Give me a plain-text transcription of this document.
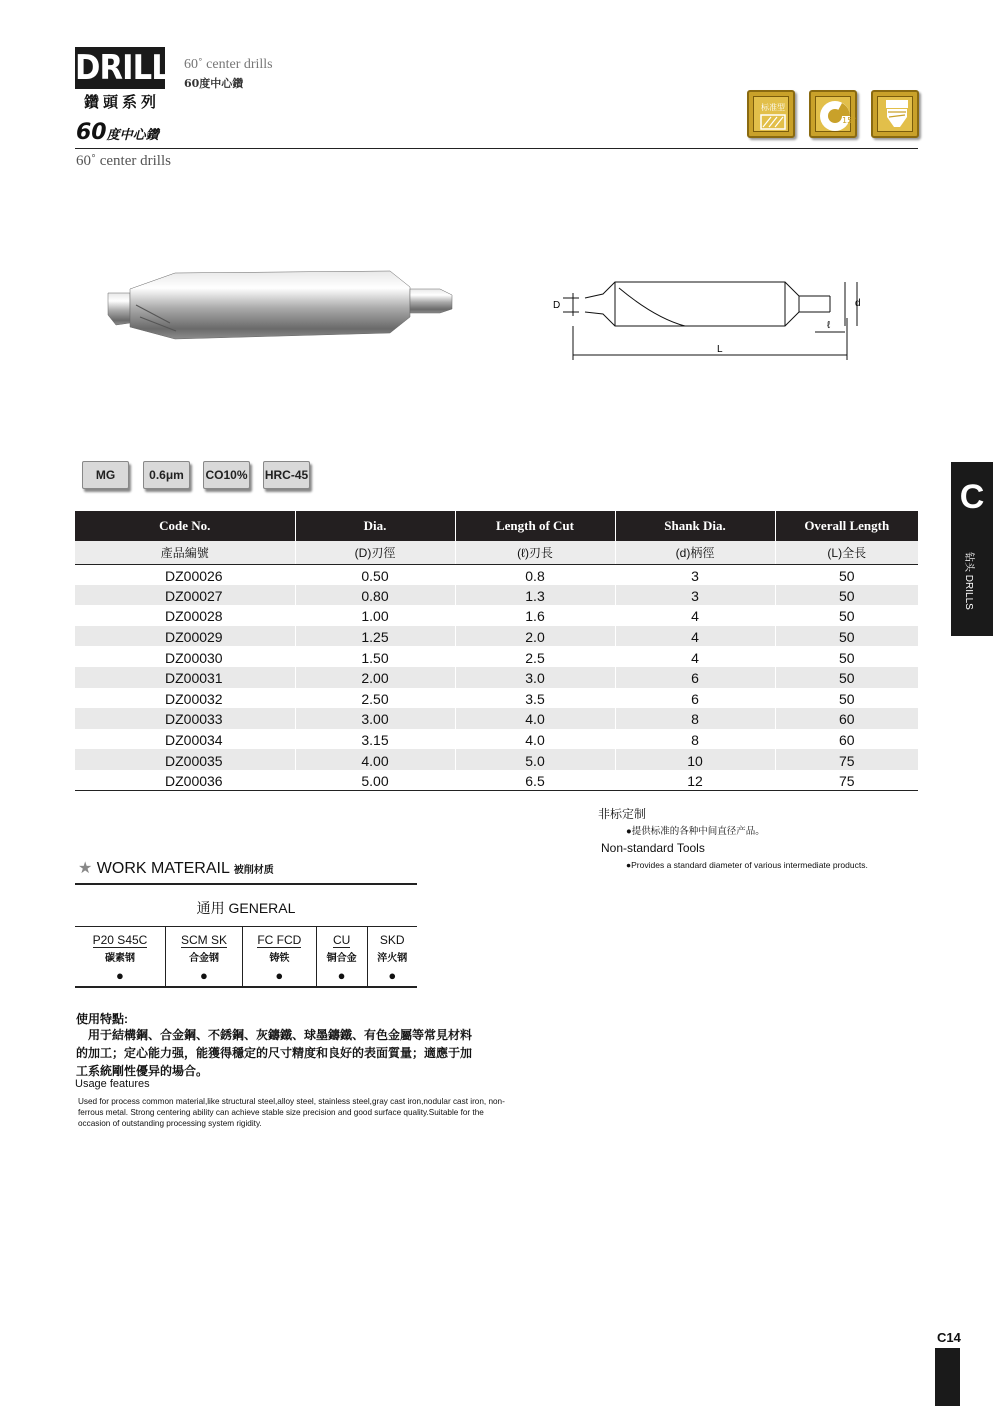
DRILLS
鑽頭系列
60˚ center drills
60度中心鑽
60度中心鑽
60˚ center drills
标准型
15°
D	d
ℓ
L
MG	0.6μm	CO10% HRC-45
C
钻头 DRILLS
Code No.	Dia.	Length of Cut	Shank Dia.	Overall Length
產品編號	(D)刃徑	(ℓ)刃長	(d)柄徑	(L)全長
DZ00026	0.50	0.8	3	50
DZ00027	0.80	1.3	3	50
DZ00028	1.00	1.6	4	50
DZ00029	1.25	2.0	4	50
DZ00030	1.50	2.5	4	50
DZ00031	2.00	3.0	6	50
DZ00032	2.50	3.5	6	50
DZ00033	3.00	4.0	8	60
DZ00034	3.15	4.0	8	60
DZ00035	4.00	5.0	10	75
DZ00036	5.00	6.5	12	75
非标定制
●提供标准的各种中间直径产品。
Non-standard Tools
●Provides a standard diameter of various intermediate products.
★ WORK MATERAIL 被削材质
通用 GENERAL
P20 S45C	SCM SK	FC FCD	CU	SKD
碳素钢	合金钢	铸铁	铜合金	淬火钢
●	●	●	●	●
使用特點:
　用于結構鋼、合金鋼、不銹鋼、灰鑄鐵、球墨鑄鐵、有色金屬等常見材料的加工；定心能力强，能獲得穩定的尺寸精度和良好的表面質量；適應于加工系統剛性優异的場合。
Usage features
Used for process common material,like structural steel,alloy steel, stainless steel,gray cast iron,nodular cast iron, non-ferrous metal. Strong centering ability can achieve stable size precision and good surface quality.Suitable for the occasion of outstanding processing system rigidity.
C14
